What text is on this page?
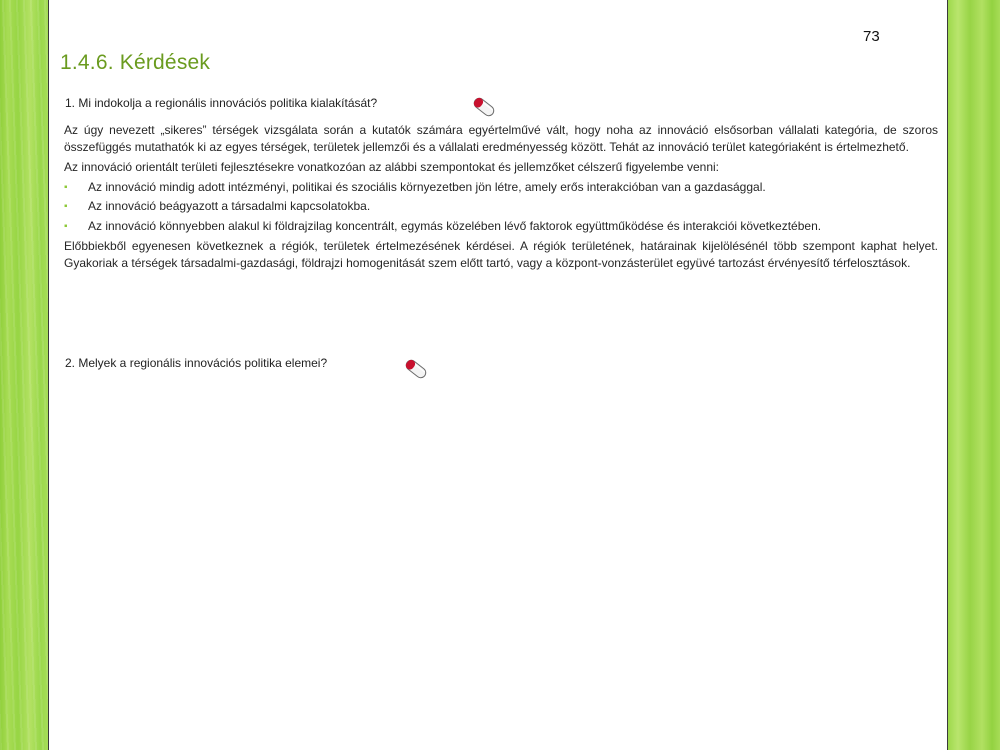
73
1.4.6. Kérdések
1. Mi indokolja a regionális innovációs politika kialakítását?

Az úgy nevezett „sikeres” térségek vizsgálata során a kutatók számára egyértelművé vált, hogy noha az innováció elsősorban vállalati kategória, de szoros összefüggés mutathatók ki az egyes térségek, területek jellemzői és a vállalati eredményesség között. Tehát az innováció terület kategóriaként is értelmezhető.

Az innováció orientált területi fejlesztésekre vonatkozóan az alábbi szempontokat és jellemzőket célszerű figyelembe venni:

▪ Az innováció mindig adott intézményi, politikai és szociális környezetben jön létre, amely erős interakcióban van a gazdasággal.
▪ Az innováció beágyazott a társadalmi kapcsolatokba.
▪ Az innováció könnyebben alakul ki földrajzilag koncentrált, egymás közelében lévő faktorok együttműködése és interakciói következtében.

Előbbiekből egyenesen következnek a régiók, területek értelmezésének kérdései. A régiók területének, határainak kijelölésénél több szempont kaphat helyet. Gyakoriak a térségek társadalmi-gazdasági, földrajzi homogenitását szem előtt tartó, vagy a központ-vonzásterület együvé tartozást érvényesítő térfelosztások.

2. Melyek a regionális innovációs politika elemei?
